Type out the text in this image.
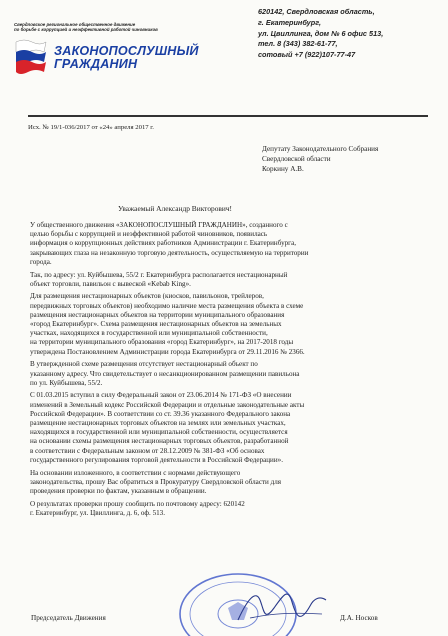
Свердловское региональное общественное движение
по борьбе с коррупцией и неэффективной работой чиновников
ЗАКОНОПОСЛУШНЫЙ
ГРАЖДАНИН
620142, Свердловская область,
г. Екатеринбург,
ул. Цвиллинга, дом № 6 офис 513,
тел. 8 (343) 382-61-77,
сотовый +7 (922)107-77-47
Исх. № 19/1-036/2017 от «24» апреля 2017 г.
Депутату Законодательного Собрания
Свердловской области
Коркину А.В.
Уважаемый Александр Викторович!

У общественного движения «ЗАКОНОПОСЛУШНЫЙ ГРАЖДАНИН», созданного с
целью борьбы с коррупцией и неэффективной работой чиновников, появилась
информация о коррупционных действиях работников Администрации г. Екатеринбурга,
закрывающих глаза на незаконную торговую деятельность, осуществляемую на территории
города.

Так, по адресу: ул. Куйбышева, 55/2 г. Екатеринбурга располагается нестационарный
объект торговли, павильон с вывеской «Kebab King».

Для размещения нестационарных объектов (киосков, павильонов, трейлеров,
передвижных торговых объектов) необходимо наличие места размещения объекта в схеме
размещения нестационарных объектов на территории муниципального образования
«город Екатеринбург». Схема размещения нестационарных объектов на земельных
участках, находящихся в государственной или муниципальной собственности,
на территории муниципального образования «город Екатеринбург», на 2017-2018 годы
утверждена Постановлением Администрации города Екатеринбурга от 29.11.2016 № 2366.

В утвержденной схеме размещения отсутствует нестационарный объект по
указанному адресу. Что свидетельствует о несанкционированном размещении павильона
по ул. Куйбышева, 55/2.

С 01.03.2015 вступил в силу Федеральный закон от 23.06.2014 № 171-ФЗ «О внесении
изменений в Земельный кодекс Российской Федерации и отдельные законодательные акты
Российской Федерации». В соответствии со ст. 39.36 указанного Федерального закона
размещение нестационарных торговых объектов на землях или земельных участках,
находящихся в государственной или муниципальной собственности, осуществляется
на основании схемы размещения нестационарных торговых объектов, разработанной
в соответствии с Федеральным законом от 28.12.2009 № 381-ФЗ «Об основах
государственного регулирования торговой деятельности в Российской Федерации».

На основании изложенного, в соответствии с нормами действующего
законодательства, прошу Вас обратиться в Прокуратуру Свердловской области для
проведения проверки по фактам, указанным в обращении.

О результатах проверки прошу сообщить по почтовому адресу: 620142
г. Екатеринбург, ул. Цвиллинга, д. 6, оф. 513.

Председатель Движения	Д.А. Носков
